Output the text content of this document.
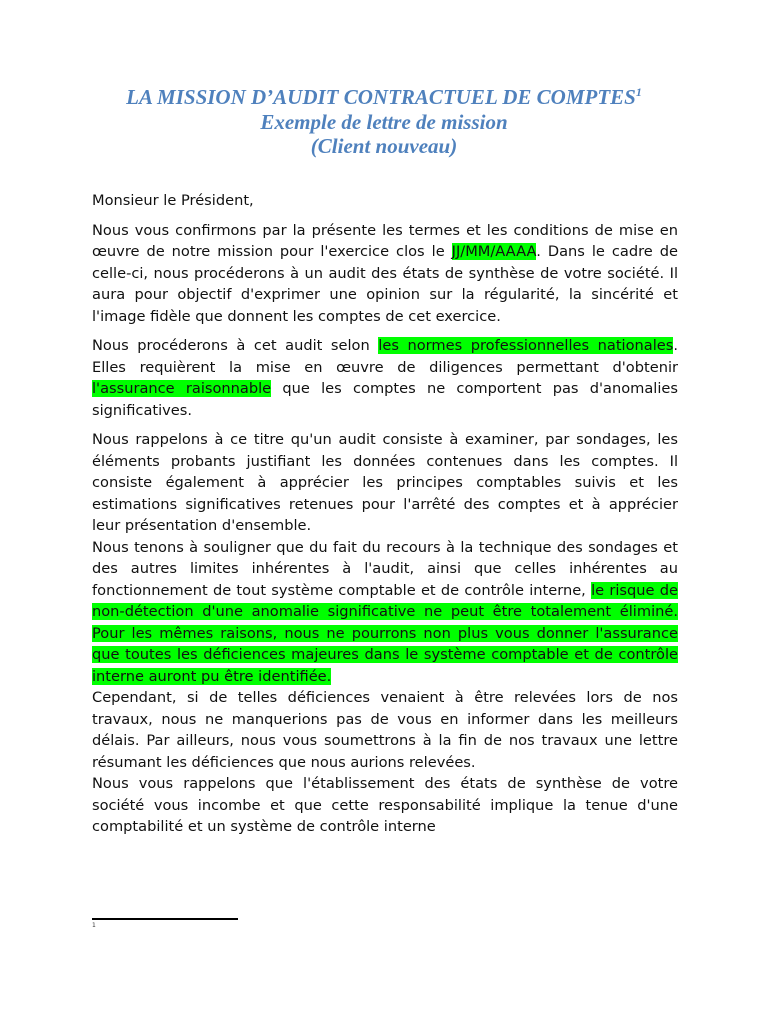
LA MISSION D’AUDIT CONTRACTUEL DE COMPTES$^1$
Exemple de lettre de mission
(Client nouveau)

Monsieur le Président,

Nous vous confirmons par la présente les termes et les conditions de mise en œuvre de notre mission pour l'exercice clos le JJ/MM/AAAA. Dans le cadre de celle-ci, nous procéderons à un audit des états de synthèse de votre société. Il aura pour objectif d'exprimer une opinion sur la régularité, la sincérité et l'image fidèle que donnent les comptes de cet exercice.

Nous procéderons à cet audit selon les normes professionnelles nationales. Elles requièrent la mise en œuvre de diligences permettant d'obtenir l'assurance raisonnable que les comptes ne comportent pas d'anomalies significatives.

Nous rappelons à ce titre qu'un audit consiste à examiner, par sondages, les éléments probants justifiant les données contenues dans les comptes. Il consiste également à apprécier les principes comptables suivis et les estimations significatives retenues pour l'arrêté des comptes et à apprécier leur présentation d'ensemble.

Nous tenons à souligner que du fait du recours à la technique des sondages et des autres limites inhérentes à l'audit, ainsi que celles inhérentes au fonctionnement de tout système comptable et de contrôle interne, le risque de non-détection d'une anomalie significative ne peut être totalement éliminé. Pour les mêmes raisons, nous ne pourrons non plus vous donner l'assurance que toutes les déficiences majeures dans le système comptable et de contrôle interne auront pu être identifiée.

Cependant, si de telles déficiences venaient à être relevées lors de nos travaux, nous ne manquerions pas de vous en informer dans les meilleurs délais. Par ailleurs, nous vous soumettrons à la fin de nos travaux une lettre résumant les déficiences que nous aurions relevées.

Nous vous rappelons que l'établissement des états de synthèse de votre société vous incombe et que cette responsabilité implique la tenue d'une comptabilité et un système de contrôle interne

1
